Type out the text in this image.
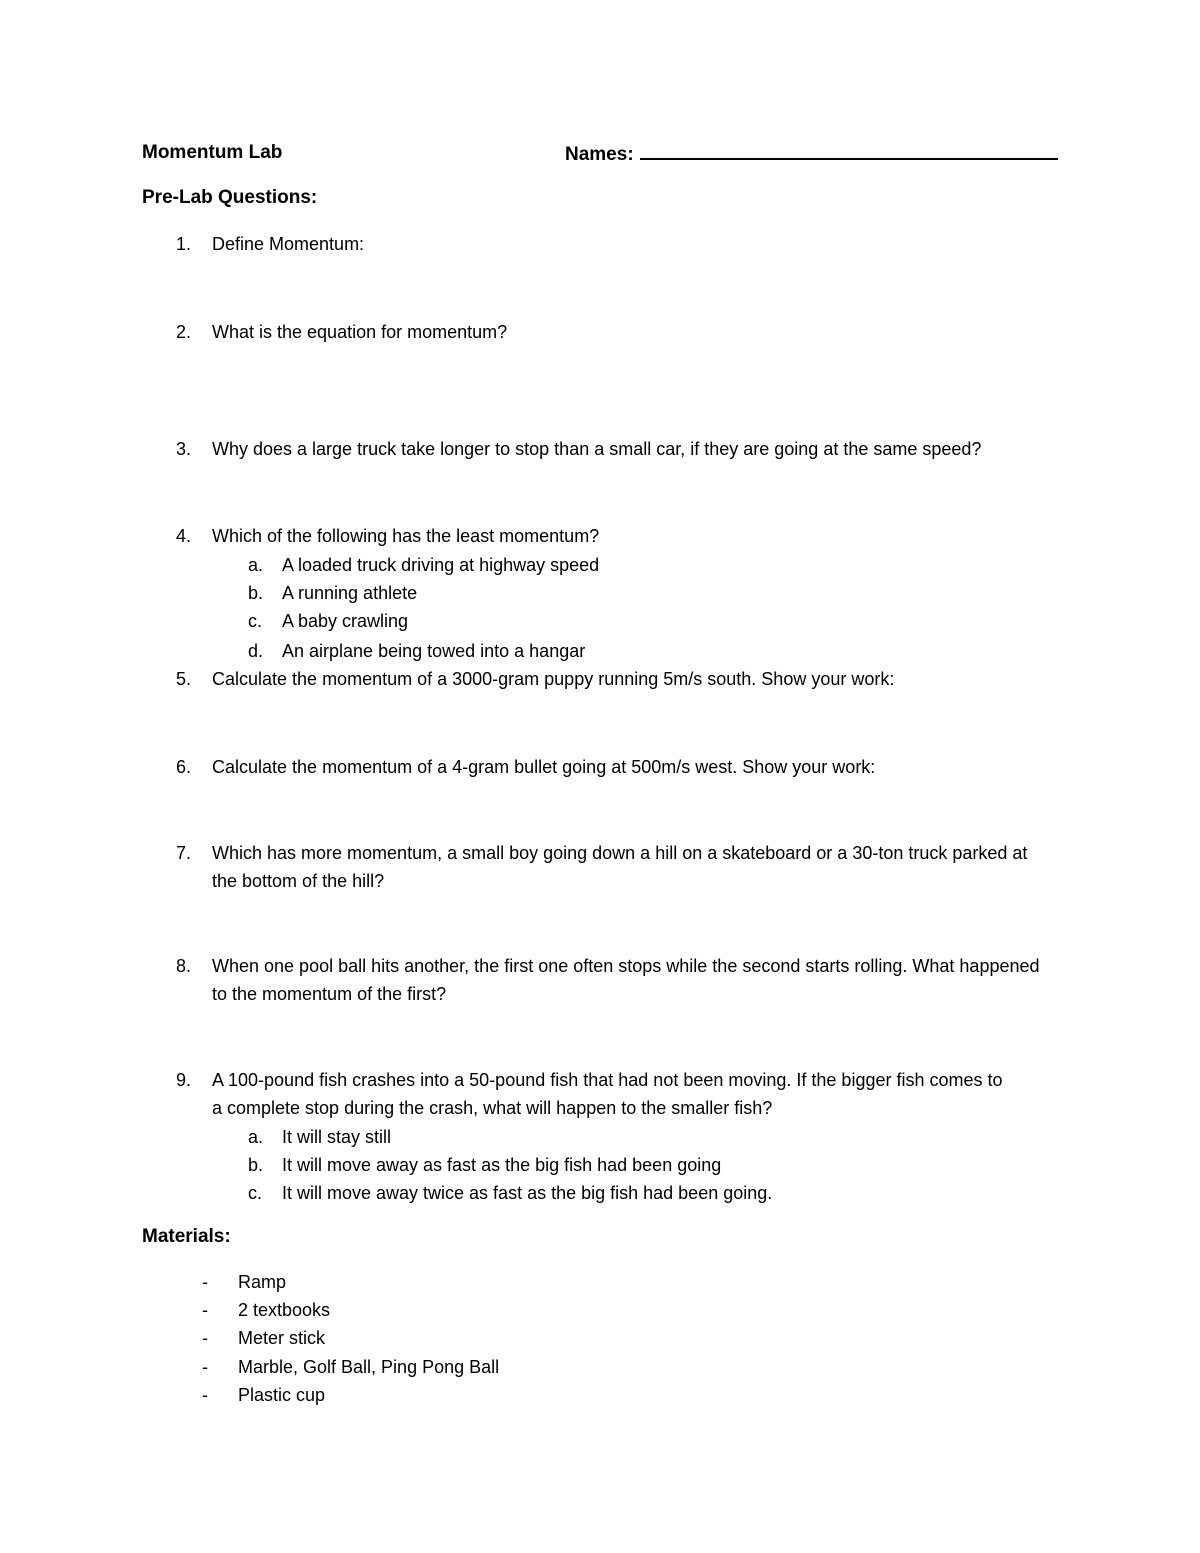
Momentum Lab	Names:
Pre-Lab Questions:
1.	Define Momentum:
2.	What is the equation for momentum?
3.	Why does a large truck take longer to stop than a small car, if they are going at the same speed?
4.	Which of the following has the least momentum?
a. A loaded truck driving at highway speed
b. A running athlete
c. A baby crawling
d. An airplane being towed into a hangar
5.	Calculate the momentum of a 3000-gram puppy running 5m/s south. Show your work:
6.	Calculate the momentum of a 4-gram bullet going at 500m/s west. Show your work:
7.	Which has more momentum, a small boy going down a hill on a skateboard or a 30-ton truck parked at the bottom of the hill?
8.	When one pool ball hits another, the first one often stops while the second starts rolling. What happened to the momentum of the first?
9.	A 100-pound fish crashes into a 50-pound fish that had not been moving. If the bigger fish comes to a complete stop during the crash, what will happen to the smaller fish?
a. It will stay still
b. It will move away as fast as the big fish had been going
c. It will move away twice as fast as the big fish had been going.
Materials:
- Ramp
- 2 textbooks
- Meter stick
- Marble, Golf Ball, Ping Pong Ball
- Plastic cup
